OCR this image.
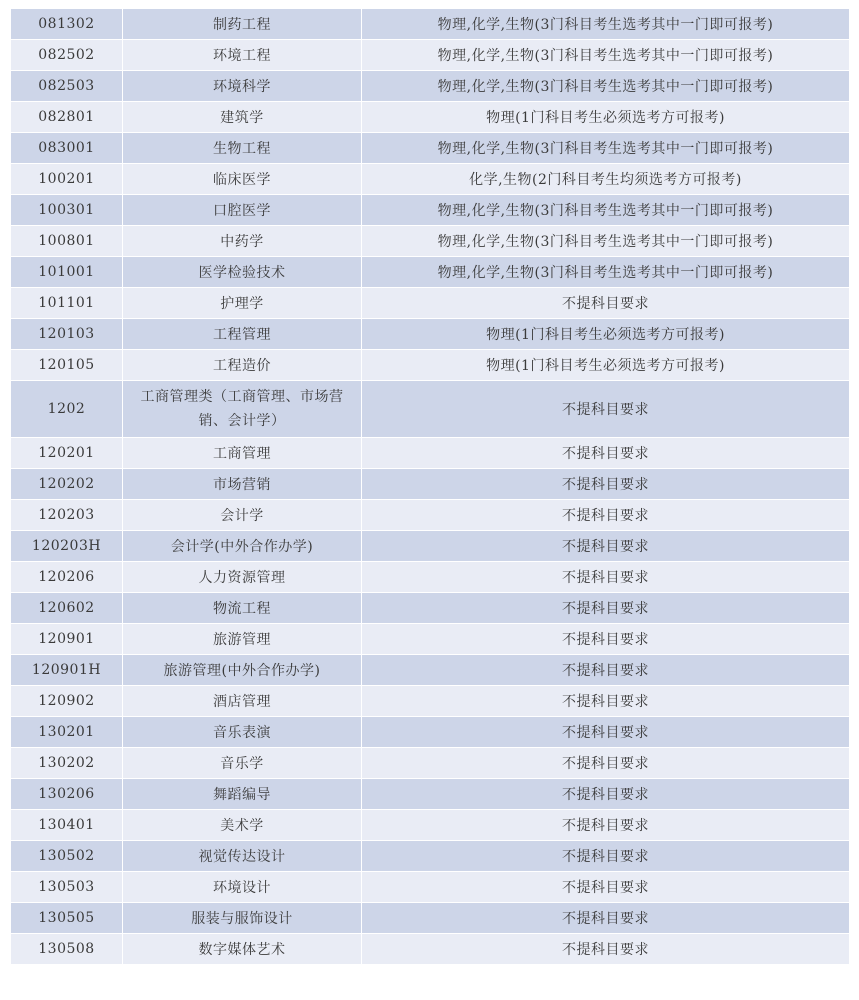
081302	制药工程	物理,化学,生物(3门科目考生选考其中一门即可报考)
082502	环境工程	物理,化学,生物(3门科目考生选考其中一门即可报考)
082503	环境科学	物理,化学,生物(3门科目考生选考其中一门即可报考)
082801	建筑学	物理(1门科目考生必须选考方可报考)
083001	生物工程	物理,化学,生物(3门科目考生选考其中一门即可报考)
100201	临床医学	化学,生物(2门科目考生均须选考方可报考)
100301	口腔医学	物理,化学,生物(3门科目考生选考其中一门即可报考)
100801	中药学	物理,化学,生物(3门科目考生选考其中一门即可报考)
101001	医学检验技术	物理,化学,生物(3门科目考生选考其中一门即可报考)
101101	护理学	不提科目要求
120103	工程管理	物理(1门科目考生必须选考方可报考)
120105	工程造价	物理(1门科目考生必须选考方可报考)
1202	工商管理类（工商管理、市场营销、会计学）	不提科目要求
120201	工商管理	不提科目要求
120202	市场营销	不提科目要求
120203	会计学	不提科目要求
120203H	会计学(中外合作办学)	不提科目要求
120206	人力资源管理	不提科目要求
120602	物流工程	不提科目要求
120901	旅游管理	不提科目要求
120901H	旅游管理(中外合作办学)	不提科目要求
120902	酒店管理	不提科目要求
130201	音乐表演	不提科目要求
130202	音乐学	不提科目要求
130206	舞蹈编导	不提科目要求
130401	美术学	不提科目要求
130502	视觉传达设计	不提科目要求
130503	环境设计	不提科目要求
130505	服装与服饰设计	不提科目要求
130508	数字媒体艺术	不提科目要求
